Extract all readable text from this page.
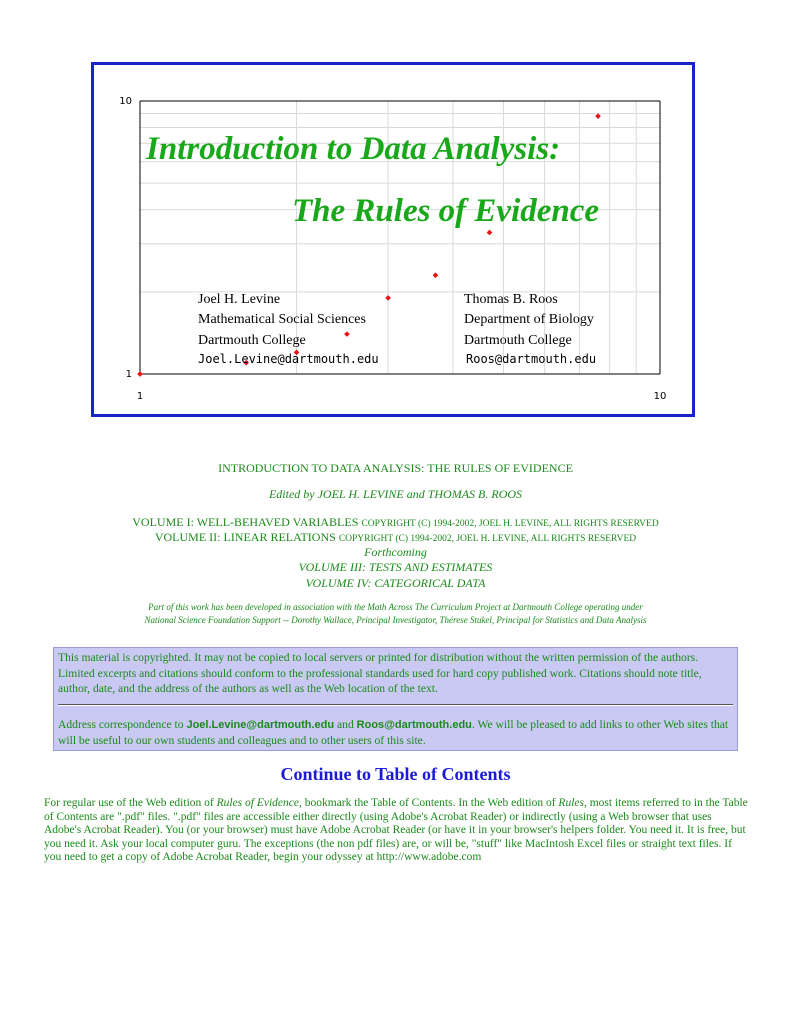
10
1
1	10
Introduction to Data Analysis:
The Rules of Evidence
Joel H. Levine
Mathematical Social Sciences
Dartmouth College
Joel.Levine@dartmouth.edu
Thomas B. Roos
Department of Biology
Dartmouth College
Roos@dartmouth.edu
INTRODUCTION TO DATA ANALYSIS: THE RULES OF EVIDENCE
Edited by JOEL H. LEVINE and THOMAS B. ROOS
VOLUME I: WELL-BEHAVED VARIABLES COPYRIGHT (C) 1994-2002, JOEL H. LEVINE, ALL RIGHTS RESERVED
VOLUME II: LINEAR RELATIONS COPYRIGHT (C) 1994-2002, JOEL H. LEVINE, ALL RIGHTS RESERVED
Forthcoming
VOLUME III: TESTS AND ESTIMATES
VOLUME IV: CATEGORICAL DATA
Part of this work has been developed in association with the Math Across The Curriculum Project at Dartmouth College operating under
National Science Foundation Support -- Dorothy Wallace, Principal Investigator, Thérese Stukel, Principal for Statistics and Data Analysis
This material is copyrighted. It may not be copied to local servers or printed for distribution without the written permission of the authors. Limited excerpts and citations should conform to the professional standards used for hard copy published work. Citations should note title, author, date, and the address of the authors as well as the Web location of the text.
Address correspondence to Joel.Levine@dartmouth.edu and Roos@dartmouth.edu. We will be pleased to add links to other Web sites that will be useful to our own students and colleagues and to other users of this site.
Continue to Table of Contents
For regular use of the Web edition of Rules of Evidence, bookmark the Table of Contents. In the Web edition of Rules, most items referred to in the Table of Contents are ".pdf" files. ".pdf" files are accessible either directly (using Adobe's Acrobat Reader) or indirectly (using a Web browser that uses Adobe's Acrobat Reader). You (or your browser) must have Adobe Acrobat Reader (or have it in your browser's helpers folder. You need it. It is free, but you need it. Ask your local computer guru. The exceptions (the non pdf files) are, or will be, "stuff" like MacIntosh Excel files or straight text files. If you need to get a copy of Adobe Acrobat Reader, begin your odyssey at http://www.adobe.com
